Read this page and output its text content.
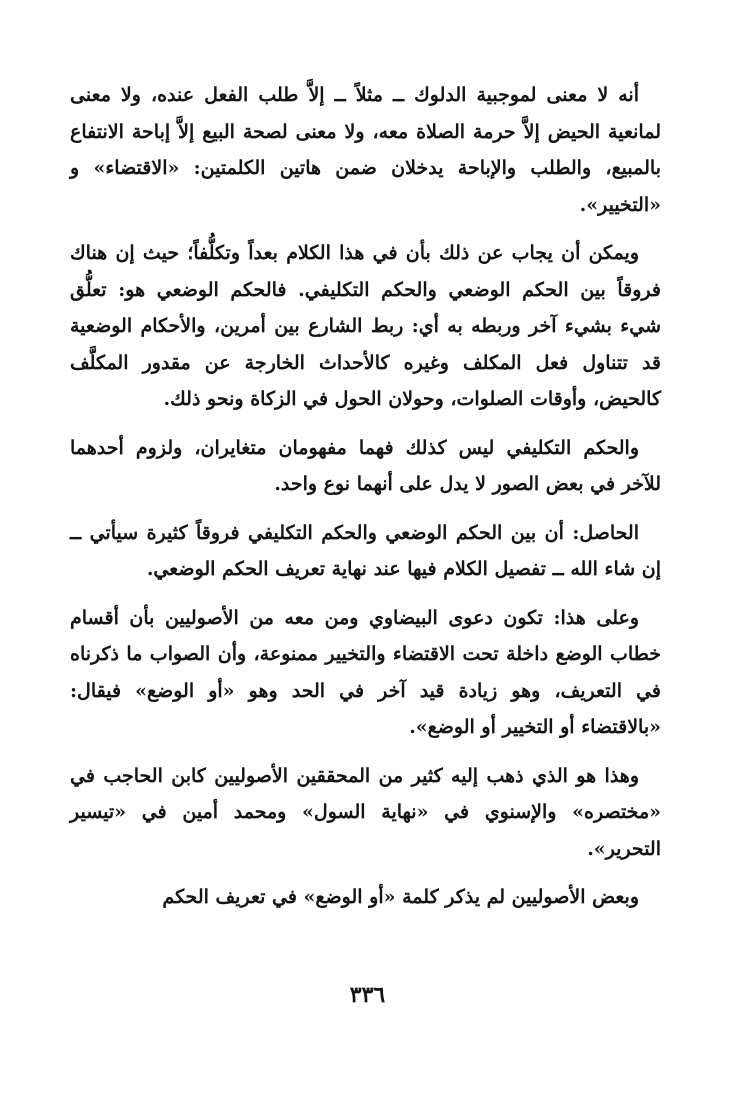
أنه لا معنى لموجبية الدلوك ــ مثلاً ــ إلاَّ طلب الفعل عنده، ولا معنى لمانعية الحيض إلاَّ حرمة الصلاة معه، ولا معنى لصحة البيع إلاَّ إباحة الانتفاع بالمبيع، والطلب والإباحة يدخلان ضمن هاتين الكلمتين: «الاقتضاء» و «التخيير».

ويمكن أن يجاب عن ذلك بأن في هذا الكلام بعداً وتكلُّفاً؛ حيث إن هناك فروقاً بين الحكم الوضعي والحكم التكليفي. فالحكم الوضعي هو: تعلُّق شيء بشيء آخر وربطه به أي: ربط الشارع بين أمرين، والأحكام الوضعية قد تتناول فعل المكلف وغيره كالأحداث الخارجة عن مقدور المكلَّف كالحيض، وأوقات الصلوات، وحولان الحول في الزكاة ونحو ذلك.

والحكم التكليفي ليس كذلك فهما مفهومان متغايران، ولزوم أحدهما للآخر في بعض الصور لا يدل على أنهما نوع واحد.

الحاصل: أن بين الحكم الوضعي والحكم التكليفي فروقاً كثيرة سيأتي ــ إن شاء الله ــ تفصيل الكلام فيها عند نهاية تعريف الحكم الوضعي.

وعلى هذا: تكون دعوى البيضاوي ومن معه من الأصوليين بأن أقسام خطاب الوضع داخلة تحت الاقتضاء والتخيير ممنوعة، وأن الصواب ما ذكرناه في التعريف، وهو زيادة قيد آخر في الحد وهو «أو الوضع» فيقال: «بالاقتضاء أو التخيير أو الوضع».

وهذا هو الذي ذهب إليه كثير من المحققين الأصوليين كابن الحاجب في «مختصره» والإسنوي في «نهاية السول» ومحمد أمين في «تيسير التحرير».

وبعض الأصوليين لم يذكر كلمة «أو الوضع» في تعريف الحكم

٣٣٦
